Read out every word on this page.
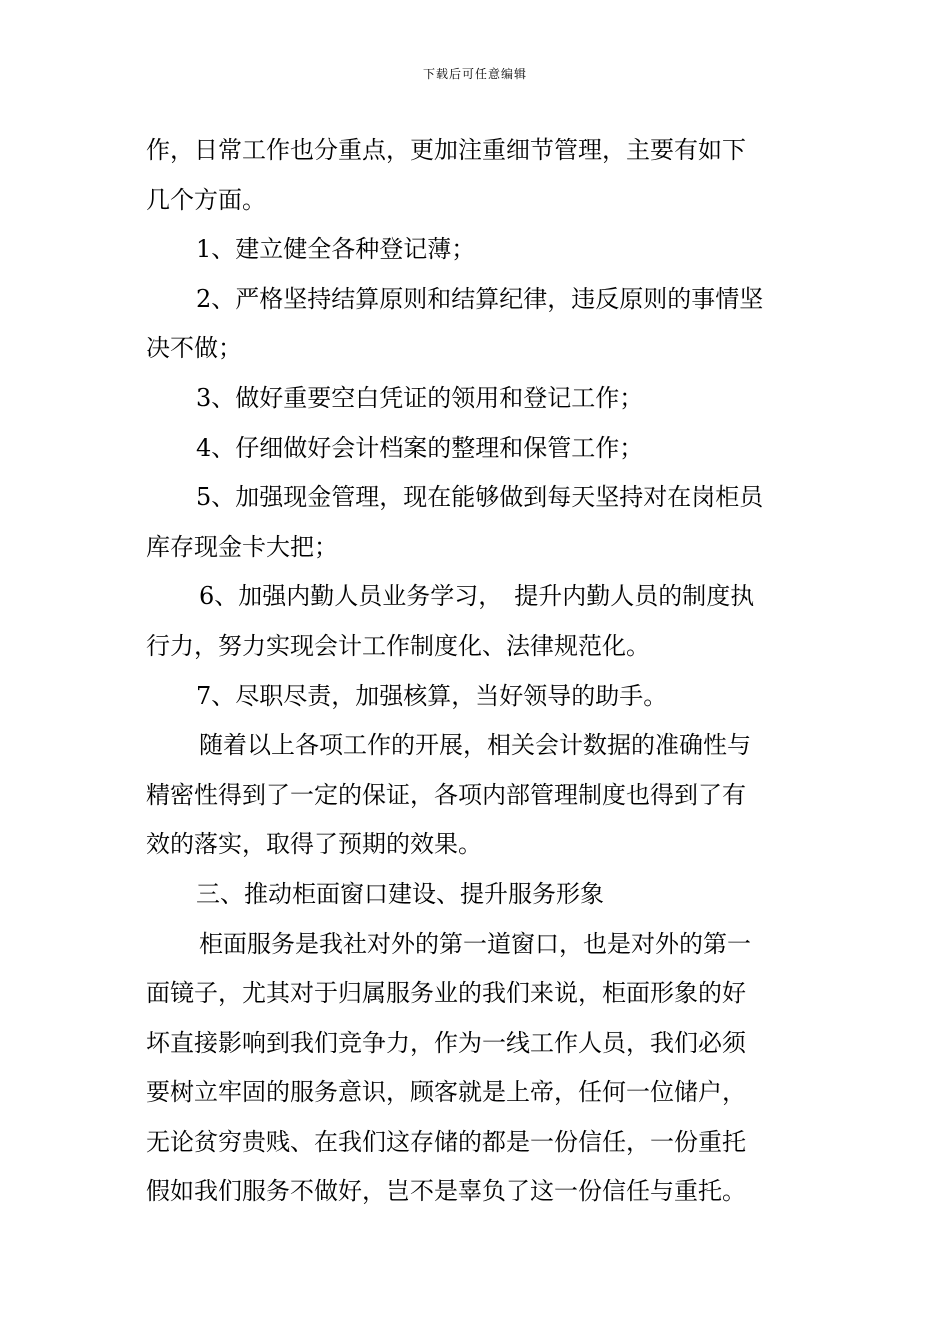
下载后可任意编辑
作，日常工作也分重点，更加注重细节管理，主要有如下
几个方面。
1、建立健全各种登记薄；
2、严格坚持结算原则和结算纪律，违反原则的事情坚
决不做；
3、做好重要空白凭证的领用和登记工作；
4、仔细做好会计档案的整理和保管工作；
5、加强现金管理，现在能够做到每天坚持对在岗柜员
库存现金卡大把；
6、加强内勤人员业务学习，　提升内勤人员的制度执
行力，努力实现会计工作制度化、法律规范化。
7、尽职尽责，加强核算，当好领导的助手。
随着以上各项工作的开展，相关会计数据的准确性与
精密性得到了一定的保证，各项内部管理制度也得到了有
效的落实，取得了预期的效果。
三、推动柜面窗口建设、提升服务形象
柜面服务是我社对外的第一道窗口，也是对外的第一
面镜子，尤其对于归属服务业的我们来说，柜面形象的好
坏直接影响到我们竞争力，作为一线工作人员，我们必须
要树立牢固的服务意识，顾客就是上帝，任何一位储户，
无论贫穷贵贱、在我们这存储的都是一份信任，一份重托
假如我们服务不做好，岂不是辜负了这一份信任与重托。
